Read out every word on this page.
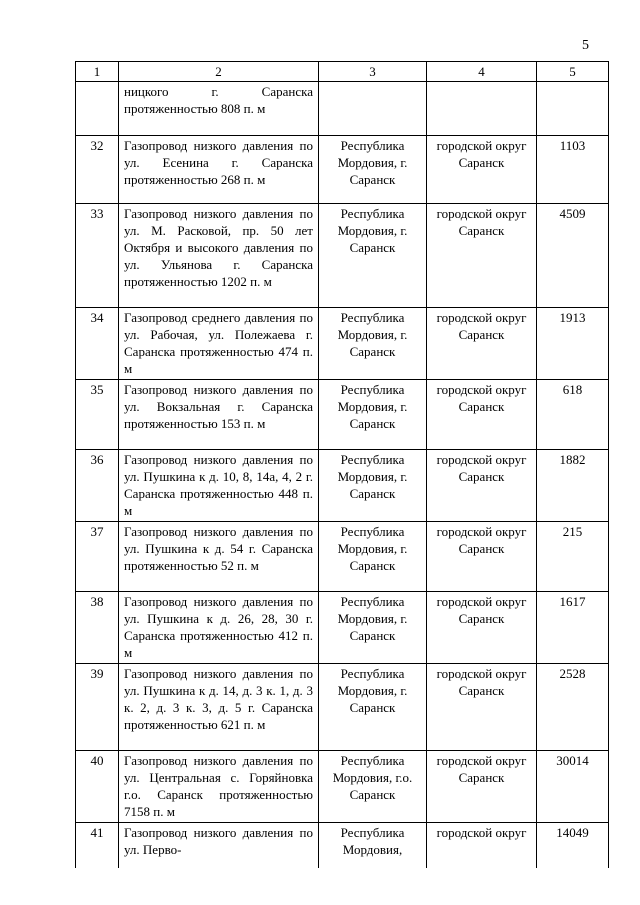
5
1	2	3	4	5
	ницкого г. Саранска протяженностью 808 п. м			
32	Газопровод низкого давления по ул. Есенина г. Саранска протяженностью 268 п. м	Республика Мордовия, г. Саранск	городской округ Саранск	1103
33	Газопровод низкого давления по ул. М. Расковой, пр. 50 лет Октября и высокого давления по ул. Ульянова г. Саранска протяженностью 1202 п. м	Республика Мордовия, г. Саранск	городской округ Саранск	4509
34	Газопровод среднего давления по ул. Рабочая, ул. Полежаева г. Саранска протяженностью 474 п. м	Республика Мордовия, г. Саранск	городской округ Саранск	1913
35	Газопровод низкого давления по ул. Вокзальная г. Саранска протяженностью 153 п. м	Республика Мордовия, г. Саранск	городской округ Саранск	618
36	Газопровод низкого давления по ул. Пушкина к д. 10, 8, 14а, 4, 2 г. Саранска протяженностью 448 п. м	Республика Мордовия, г. Саранск	городской округ Саранск	1882
37	Газопровод низкого давления по ул. Пушкина к д. 54 г. Саранска протяженностью 52 п. м	Республика Мордовия, г. Саранск	городской округ Саранск	215
38	Газопровод низкого давления по ул. Пушкина к д. 26, 28, 30 г. Саранска протяженностью 412 п. м	Республика Мордовия, г. Саранск	городской округ Саранск	1617
39	Газопровод низкого давления по ул. Пушкина к д. 14, д. 3 к. 1, д. 3 к. 2, д. 3 к. 3, д. 5 г. Саранска протяженностью 621 п. м	Республика Мордовия, г. Саранск	городской округ Саранск	2528
40	Газопровод низкого давления по ул. Центральная с. Горяйновка г.о. Саранск протяженностью 7158 п. м	Республика Мордовия, г.о. Саранск	городской округ Саранск	30014
41	Газопровод низкого давления по ул. Перво-	Республика Мордовия,	городской округ	14049
